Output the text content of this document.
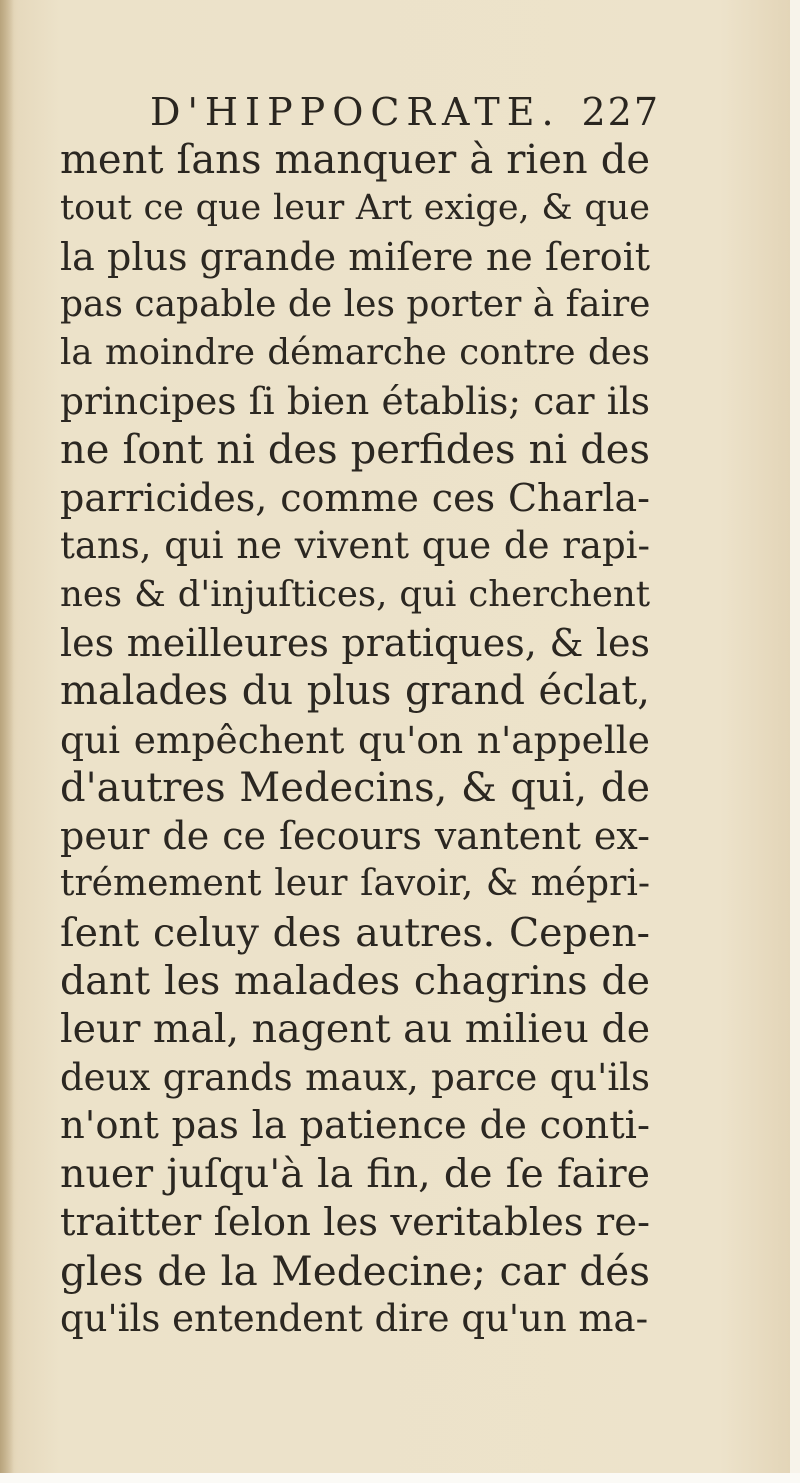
D'HIPPOCRATE. 227
ment ſans manquer à rien de
tout ce que leur Art exige, & que
la plus grande miſere ne ſeroit
pas capable de les porter à faire
la moindre démarche contre des
principes ſi bien établis; car ils
ne ſont ni des perfides ni des
parricides, comme ces Charla-
tans, qui ne vivent que de rapi-
nes & d'injuſtices, qui cherchent
les meilleures pratiques, & les
malades du plus grand éclat,
qui empêchent qu'on n'appelle
d'autres Medecins, & qui, de
peur de ce ſecours vantent ex-
trémement leur ſavoir, & mépri-
ſent celuy des autres. Cepen-
dant les malades chagrins de
leur mal, nagent au milieu de
deux grands maux, parce qu'ils
n'ont pas la patience de conti-
nuer juſqu'à la fin, de ſe faire
traitter ſelon les veritables re-
gles de la Medecine; car dés
qu'ils entendent dire qu'un ma-
